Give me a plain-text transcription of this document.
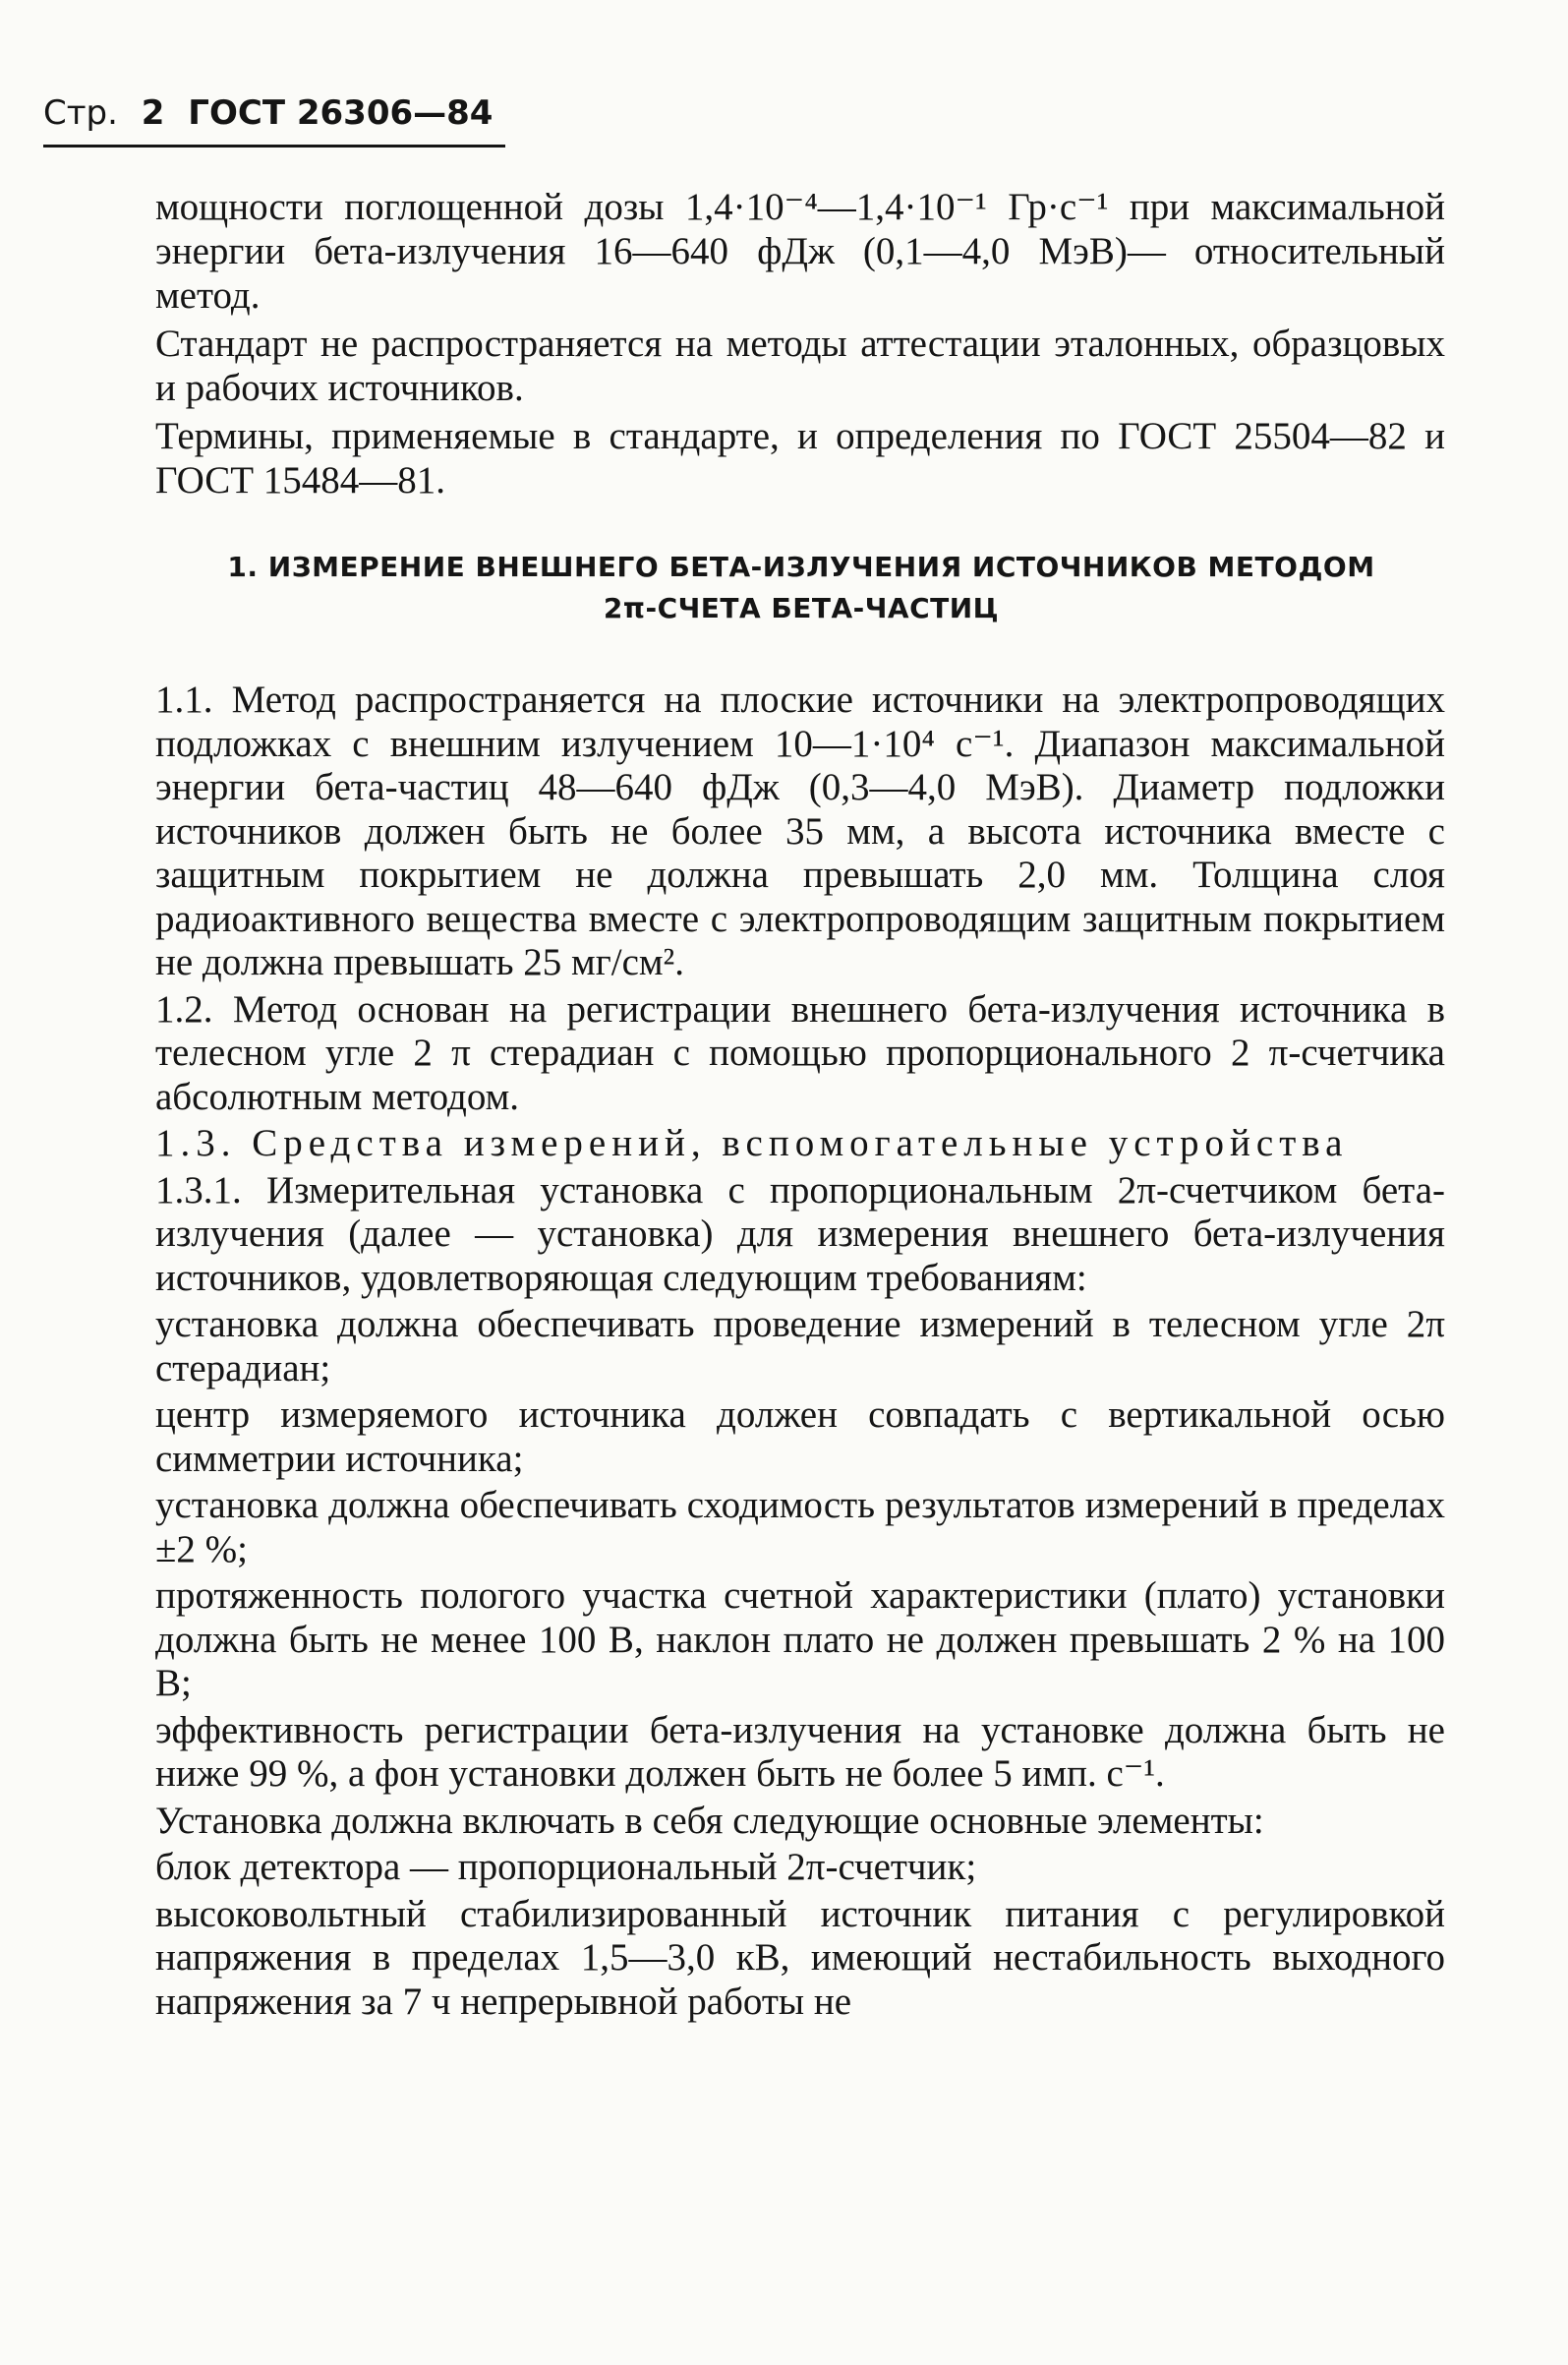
Стр. 2 ГОСТ 26306—84

мощности поглощенной дозы 1,4·10⁻⁴—1,4·10⁻¹ Гр·с⁻¹ при максимальной энергии бета-излучения 16—640 фДж (0,1—4,0 МэВ)— относительный метод.

Стандарт не распространяется на методы аттестации эталонных, образцовых и рабочих источников.

Термины, применяемые в стандарте, и определения по ГОСТ 25504—82 и ГОСТ 15484—81.

1. ИЗМЕРЕНИЕ ВНЕШНЕГО БЕТА-ИЗЛУЧЕНИЯ ИСТОЧНИКОВ МЕТОДОМ
2π-СЧЕТА БЕТА-ЧАСТИЦ

1.1. Метод распространяется на плоские источники на электропроводящих подложках с внешним излучением 10—1·10⁴ с⁻¹. Диапазон максимальной энергии бета-частиц 48—640 фДж (0,3—4,0 МэВ). Диаметр подложки источников должен быть не более 35 мм, а высота источника вместе с защитным покрытием не должна превышать 2,0 мм. Толщина слоя радиоактивного вещества вместе с электропроводящим защитным покрытием не должна превышать 25 мг/см².

1.2. Метод основан на регистрации внешнего бета-излучения источника в телесном угле 2 π стерадиан с помощью пропорционального 2 π-счетчика абсолютным методом.

1.3. Средства измерений, вспомогательные устройства

1.3.1. Измерительная установка с пропорциональным 2π-счетчиком бета-излучения (далее — установка) для измерения внешнего бета-излучения источников, удовлетворяющая следующим требованиям:

установка должна обеспечивать проведение измерений в телесном угле 2π стерадиан;

центр измеряемого источника должен совпадать с вертикальной осью симметрии источника;

установка должна обеспечивать сходимость результатов измерений в пределах ±2 %;

протяженность пологого участка счетной характеристики (плато) установки должна быть не менее 100 В, наклон плато не должен превышать 2 % на 100 В;

эффективность регистрации бета-излучения на установке должна быть не ниже 99 %, а фон установки должен быть не более 5 имп. с⁻¹.

Установка должна включать в себя следующие основные элементы:

блок детектора — пропорциональный 2π-счетчик;

высоковольтный стабилизированный источник питания с регулировкой напряжения в пределах 1,5—3,0 кВ, имеющий нестабильность выходного напряжения за 7 ч непрерывной работы не
